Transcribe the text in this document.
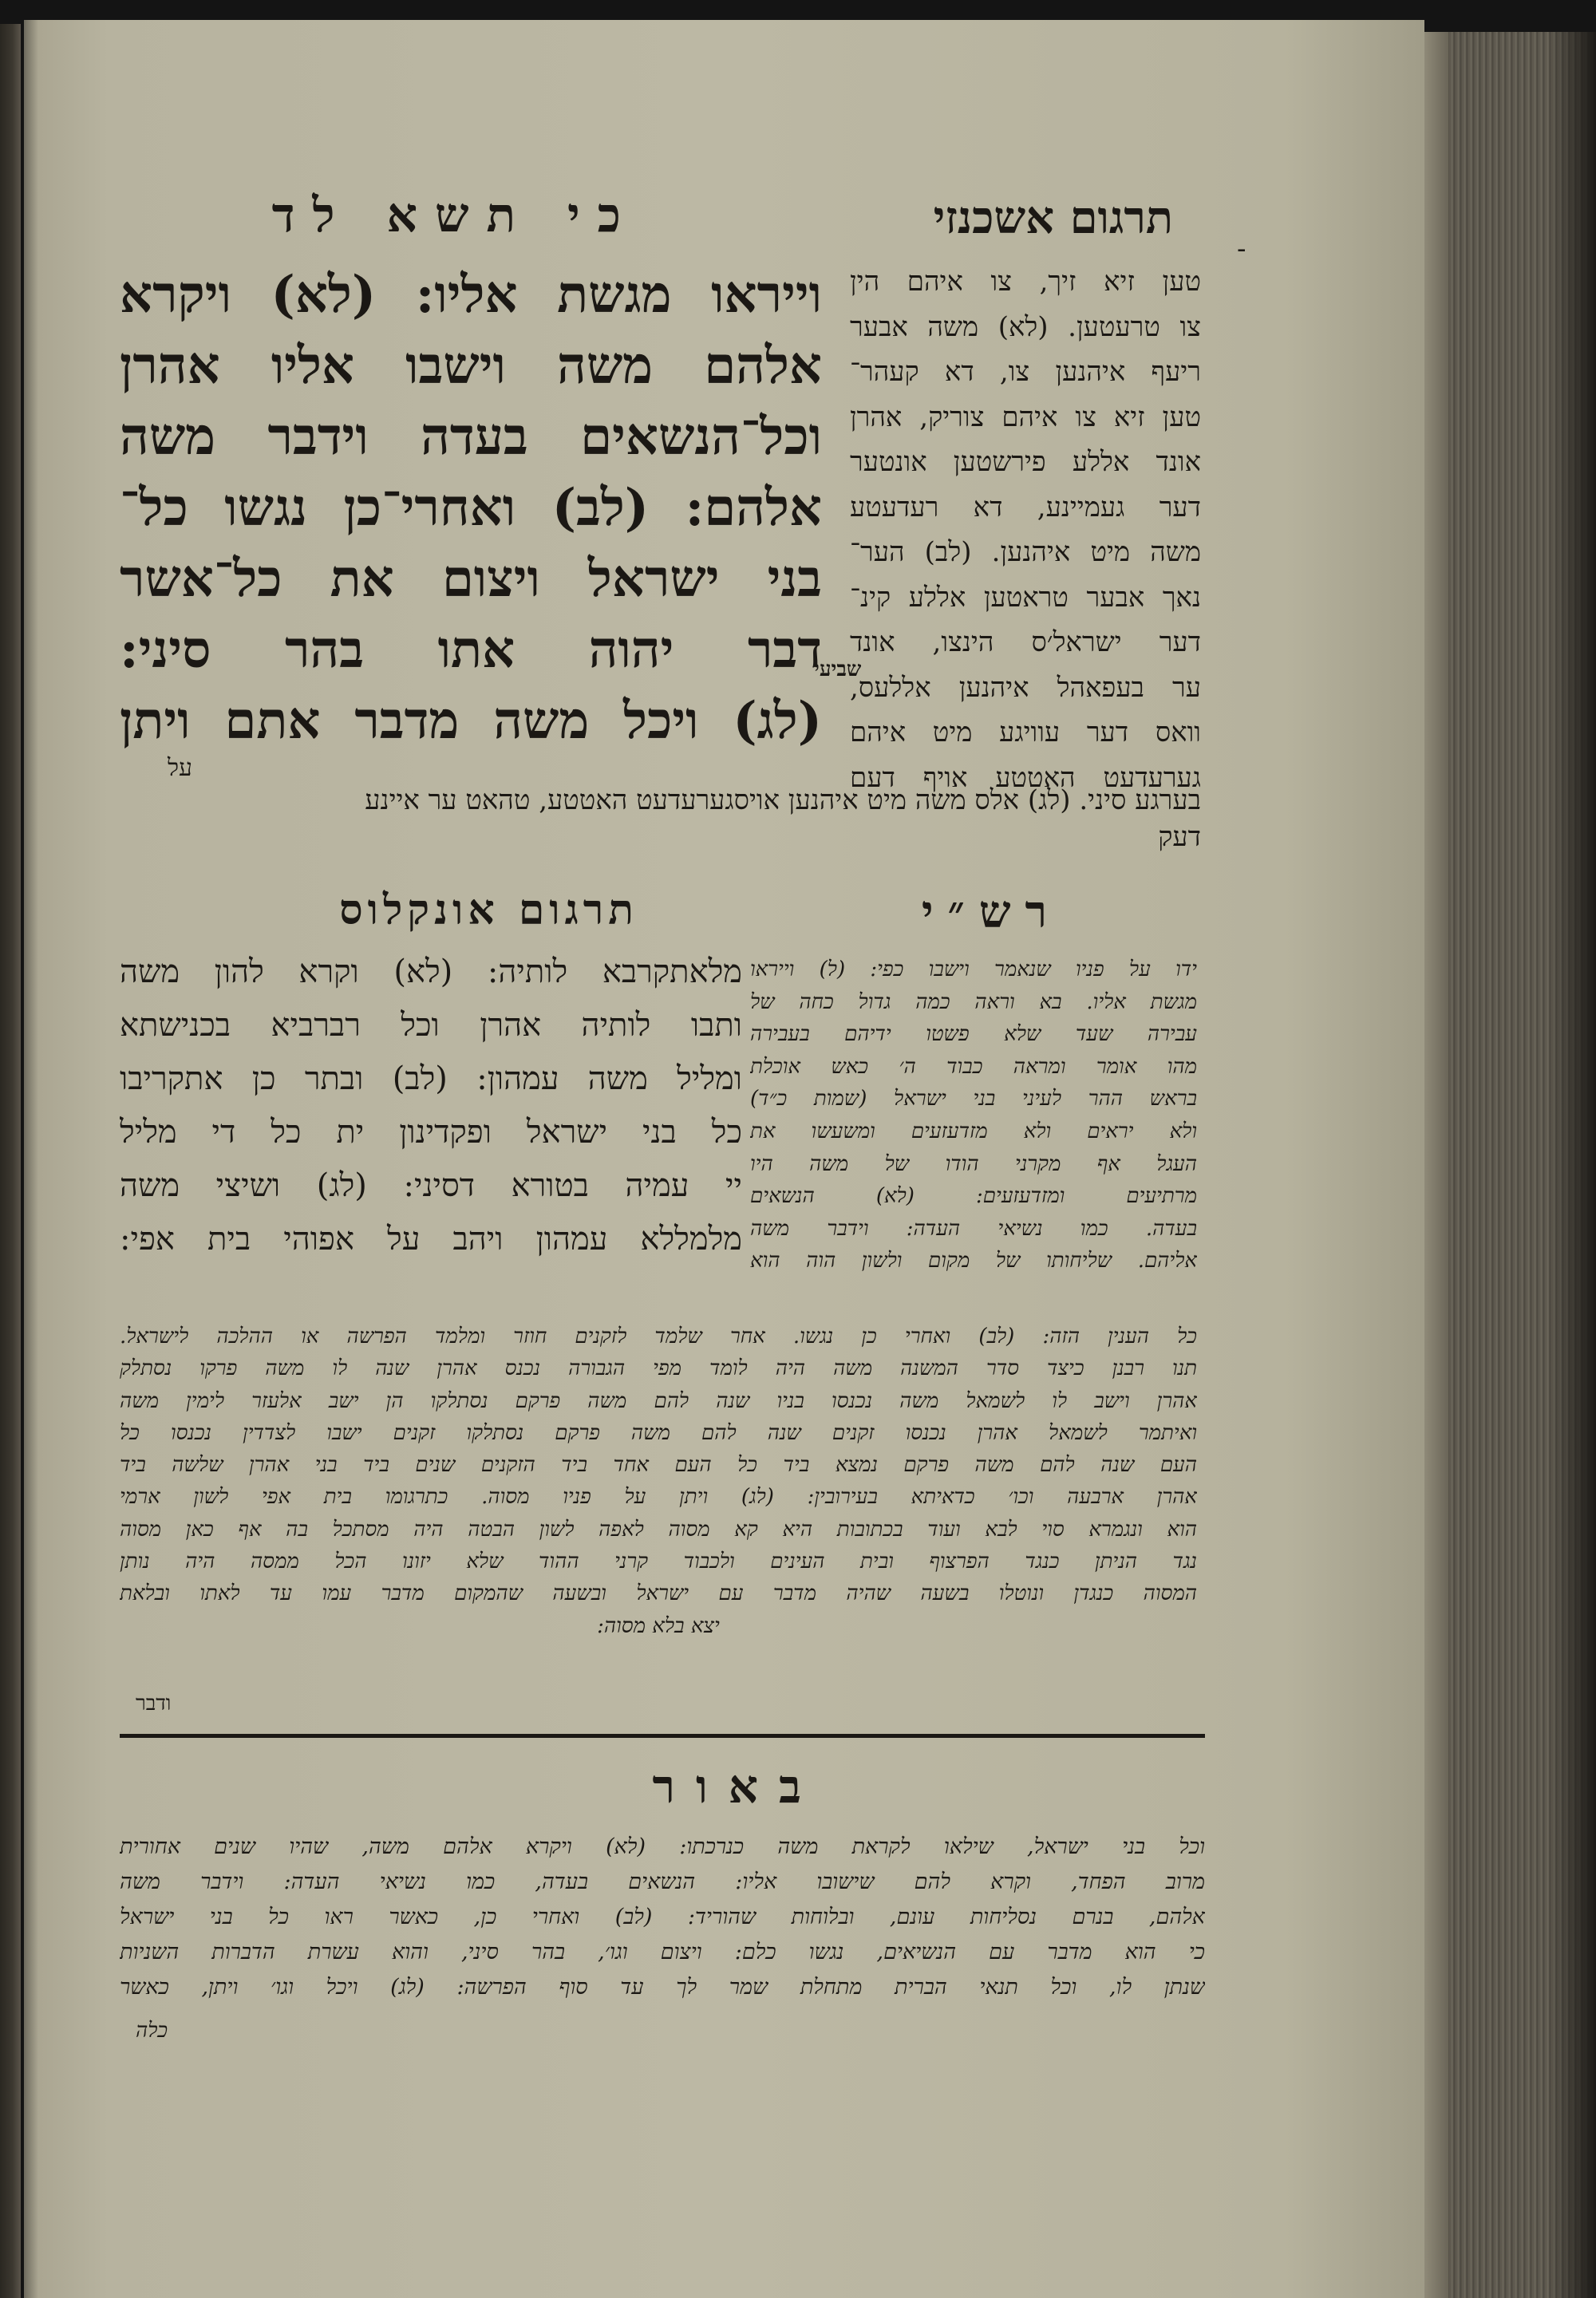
תרגום אשכנזי
כי תשא לד
-
וייראו מגשת אליו: (לא) ויקרא
אלהם משה וישבו אליו אהרן
וכל־הנשאים בעדה וידבר משה
אלהם: (לב) ואחרי־כן נגשו כל־
בני ישראל ויצום את כל־אשר
דבר יהוה אתו בהר סיני:
(לג) ויכל משה מדבר אתם ויתן
שביעי
על
טען זיא זיך, צו איהם הין
צו טרעטען. (לא) משה אבער
ריעף איהנען צו, דא קעהר־
טען זיא צו איהם צוריק, אהרן
אונד אללע פירשטען אונטער
דער געמיינע, דא רעדעטע
משה מיט איהנען. (לב) הער־
נאך אבער טראטען אללע קינ־
דער ישראל׳ס הינצו, אונד
ער בעפאהל איהנען אללעס,
וואס דער עוויגע מיט איהם
גערעדעט האטטע אויף דעם
בערגע סיני. (לג) אלס משה מיט איהנען אויסגערעדעט האטטע, טהאט ער איינע
דעק
רש״י
תרגום אונקלוס
מלאתקרבא לותיה: (לא) וקרא להון משה
ותבו לותיה אהרן וכל רברביא בכנישתא
ומליל משה עמהון: (לב) ובתר כן אתקריבו
כל בני ישראל ופקדינון ית כל די מליל
יי עמיה בטורא דסיני: (לג) ושיצי משה
מלמללא עמהון ויהב על אפוהי בית אפי:
ידו על פניו שנאמר וישבו כפי: (ל) וייראו
מגשת אליו. בא וראה כמה גדול כחה של
עבירה שעד שלא פשטו ידיהם בעבירה
מהו אומר ומראה כבוד ה׳ כאש אוכלת
בראש ההר לעיני בני ישראל (שמות כ״ד)
ולא יראים ולא מזדעזעים ומשעשו את
העגל אף מקרני הודו של משה היו
מרתיעים ומזדעזעים: (לא) הנשאים
בעדה. כמו נשיאי העדה: וידבר משה
אליהם. שליחותו של מקום ולשון הוה הוא
כל הענין הזה: (לב) ואחרי כן נגשו. אחר שלמד לזקנים חוזר ומלמד הפרשה או ההלכה לישראל.
תנו רבנן כיצד סדר המשנה משה היה לומד מפי הגבורה נכנס אהרן שנה לו משה פרקו נסתלק
אהרן וישב לו לשמאל משה נכנסו בניו שנה להם משה פרקם נסתלקו הן ישב אלעזר לימין משה
ואיתמר לשמאל אהרן נכנסו זקנים שנה להם משה פרקם נסתלקו זקנים ישבו לצדדין נכנסו כל
העם שנה להם משה פרקם נמצא ביד כל העם אחד ביד הזקנים שנים ביד בני אהרן שלשה ביד
אהרן ארבעה וכו׳ כדאיתא בעירובין: (לג) ויתן על פניו מסוה. כתרגומו בית אפי לשון ארמי
הוא ונגמרא סוי לבא ועוד בכתובות היא קא מסוה לאפה לשון הבטה היה מסתכל בה אף כאן מסוה
נגד הניתן כנגד הפרצוף ובית העינים ולכבוד קרני ההוד שלא יזונו הכל ממסה היה נותן
המסוה כנגדן ונוטלו בשעה שהיה מדבר עם ישראל ובשעה שהמקום מדבר עמו עד לאתו ובלאת
יצא בלא מסוה:
ודבר
באור
וכל בני ישראל, שילאו לקראת משה כנרכתו: (לא) ויקרא אלהם משה, שהיו שנים אחורית
מרוב הפחד, וקרא להם שישובו אליו: הנשאים בעדה, כמו נשיאי העדה: וידבר משה
אלהם, בנרם נסליחות עונם, ובלוחות שהוריד: (לב) ואחרי כן, כאשר ראו כל בני ישראל
כי הוא מדבר עם הנשיאים, נגשו כלם: ויצום וגו׳, בהר סיני, והוא עשרת הדברות השניות
שנתן לו, וכל תנאי הברית מתחלת שמר לך עד סוף הפרשה: (לג) ויכל וגו׳ ויתן, כאשר
כלה
